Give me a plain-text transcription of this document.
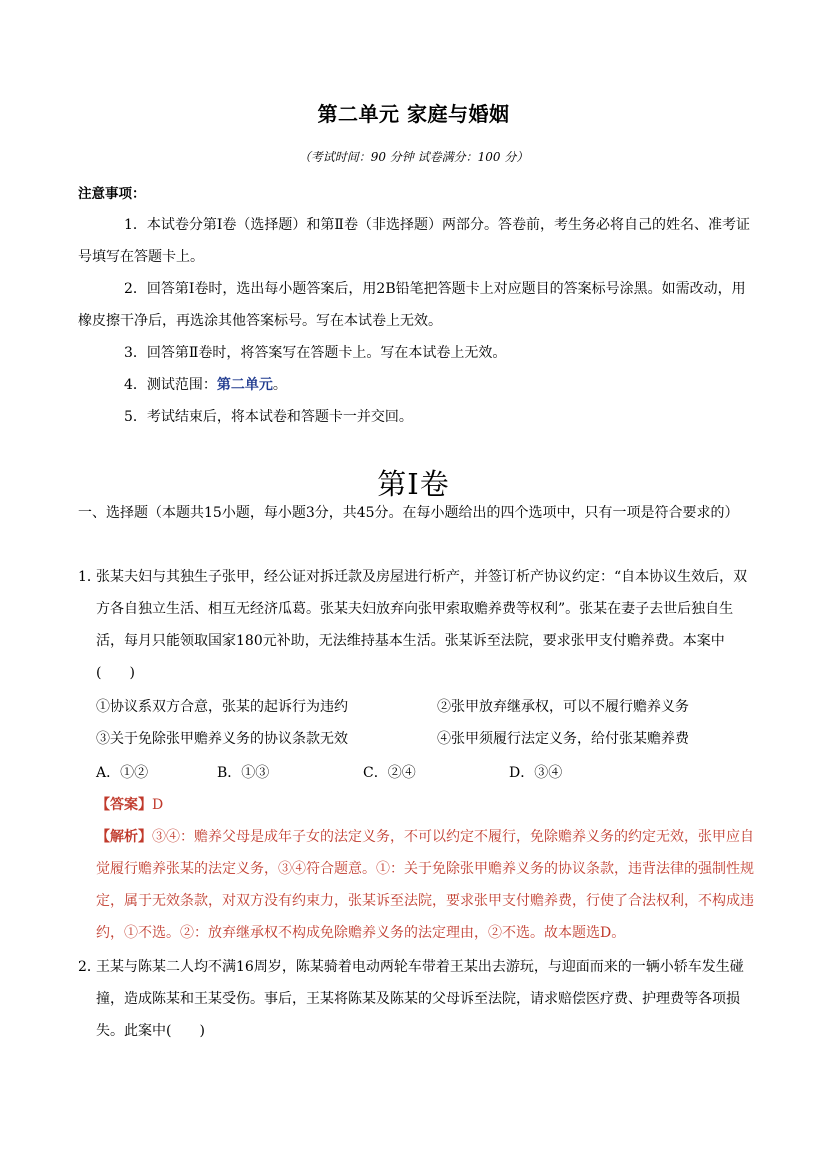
第二单元 家庭与婚姻
（考试时间：90 分钟 试卷满分：100 分）
注意事项：
1．本试卷分第Ⅰ卷（选择题）和第Ⅱ卷（非选择题）两部分。答卷前，考生务必将自己的姓名、准考证号填写在答题卡上。
2．回答第Ⅰ卷时，选出每小题答案后，用2B铅笔把答题卡上对应题目的答案标号涂黑。如需改动，用橡皮擦干净后，再选涂其他答案标号。写在本试卷上无效。
3．回答第Ⅱ卷时，将答案写在答题卡上。写在本试卷上无效。
4．测试范围：第二单元。
5．考试结束后，将本试卷和答题卡一并交回。
第Ⅰ卷
一、选择题（本题共15小题，每小题3分，共45分。在每小题给出的四个选项中，只有一项是符合要求的）
1．
张某夫妇与其独生子张甲，经公证对拆迁款及房屋进行析产，并签订析产协议约定：“自本协议生效后，双方各自独立生活、相互无经济瓜葛。张某夫妇放弃向张甲索取赡养费等权利”。张某在妻子去世后独自生活，每月只能领取国家180元补助，无法维持基本生活。张某诉至法院，要求张甲支付赡养费。本案中(　　)
①协议系双方合意，张某的起诉行为违约	②张甲放弃继承权，可以不履行赡养义务
③关于免除张甲赡养义务的协议条款无效	④张甲须履行法定义务，给付张某赡养费
A．①②	B．①③	C．②④	D．③④
【答案】D
【解析】③④：赡养父母是成年子女的法定义务，不可以约定不履行，免除赡养义务的约定无效，张甲应自觉履行赡养张某的法定义务，③④符合题意。①：关于免除张甲赡养义务的协议条款，违背法律的强制性规定，属于无效条款，对双方没有约束力，张某诉至法院，要求张甲支付赡养费，行使了合法权利，不构成违约，①不选。②：放弃继承权不构成免除赡养义务的法定理由，②不选。故本题选D。
2．
王某与陈某二人均不满16周岁，陈某骑着电动两轮车带着王某出去游玩，与迎面而来的一辆小轿车发生碰撞，造成陈某和王某受伤。事后，王某将陈某及陈某的父母诉至法院，请求赔偿医疗费、护理费等各项损失。此案中(　　)
